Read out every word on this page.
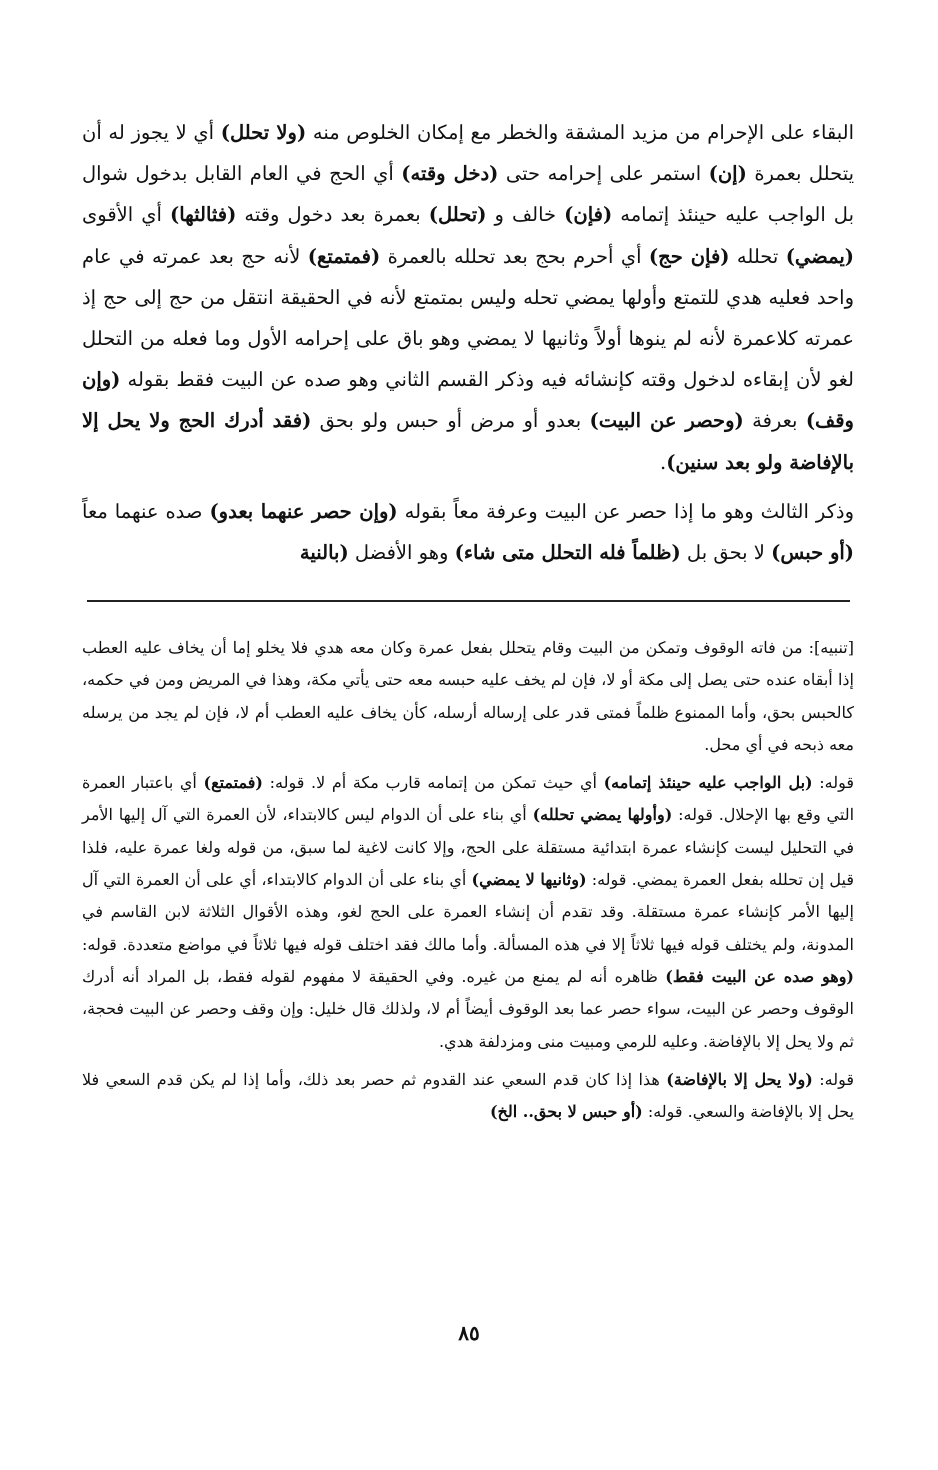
البقاء على الإحرام من مزيد المشقة والخطر مع إمكان الخلوص منه (ولا تحلل) أي لا يجوز له أن يتحلل بعمرة (إن) استمر على إحرامه حتى (دخل وقته) أي الحج في العام القابل بدخول شوال بل الواجب عليه حينئذ إتمامه (فإن) خالف و (تحلل) بعمرة بعد دخول وقته (فثالثها) أي الأقوى (يمضي) تحلله (فإن حج) أي أحرم بحج بعد تحلله بالعمرة (فمتمتع) لأنه حج بعد عمرته في عام واحد فعليه هدي للتمتع وأولها يمضي تحله وليس بمتمتع لأنه في الحقيقة انتقل من حج إلى حج إذ عمرته كلاعمرة لأنه لم ينوها أولاً وثانيها لا يمضي وهو باق على إحرامه الأول وما فعله من التحلل لغو لأن إبقاءه لدخول وقته كإنشائه فيه وذكر القسم الثاني وهو صده عن البيت فقط بقوله (وإن وقف) بعرفة (وحصر عن البيت) بعدو أو مرض أو حبس ولو بحق (فقد أدرك الحج ولا يحل إلا بالإفاضة ولو بعد سنين).

وذكر الثالث وهو ما إذا حصر عن البيت وعرفة معاً بقوله (وإن حصر عنهما بعدو) صده عنهما معاً (أو حبس) لا بحق بل (ظلماً فله التحلل متى شاء) وهو الأفضل (بالنية

[تنبيه]: من فاته الوقوف وتمكن من البيت وقام يتحلل بفعل عمرة وكان معه هدي فلا يخلو إما أن يخاف عليه العطب إذا أبقاه عنده حتى يصل إلى مكة أو لا، فإن لم يخف عليه حبسه معه حتى يأتي مكة، وهذا في المريض ومن في حكمه، كالحبس بحق، وأما الممنوع ظلماً فمتى قدر على إرساله أرسله، كأن يخاف عليه العطب أم لا، فإن لم يجد من يرسله معه ذبحه في أي محل.

قوله: (بل الواجب عليه حينئذ إتمامه) أي حيث تمكن من إتمامه قارب مكة أم لا. قوله: (فمتمتع) أي باعتبار العمرة التي وقع بها الإحلال. قوله: (وأولها يمضي تحلله) أي بناء على أن الدوام ليس كالابتداء، لأن العمرة التي آل إليها الأمر في التحليل ليست كإنشاء عمرة ابتدائية مستقلة على الحج، وإلا كانت لاغية لما سبق، من قوله ولغا عمرة عليه، فلذا قيل إن تحلله بفعل العمرة يمضي. قوله: (وثانيها لا يمضي) أي بناء على أن الدوام كالابتداء، أي على أن العمرة التي آل إليها الأمر كإنشاء عمرة مستقلة. وقد تقدم أن إنشاء العمرة على الحج لغو، وهذه الأقوال الثلاثة لابن القاسم في المدونة، ولم يختلف قوله فيها ثلاثاً إلا في هذه المسألة. وأما مالك فقد اختلف قوله فيها ثلاثاً في مواضع متعددة. قوله: (وهو صده عن البيت فقط) ظاهره أنه لم يمنع من غيره. وفي الحقيقة لا مفهوم لقوله فقط، بل المراد أنه أدرك الوقوف وحصر عن البيت، سواء حصر عما بعد الوقوف أيضاً أم لا، ولذلك قال خليل: وإن وقف وحصر عن البيت فحجة، ثم ولا يحل إلا بالإفاضة. وعليه للرمي ومبيت منى ومزدلفة هدي.

قوله: (ولا يحل إلا بالإفاضة) هذا إذا كان قدم السعي عند القدوم ثم حصر بعد ذلك، وأما إذا لم يكن قدم السعي فلا يحل إلا بالإفاضة والسعي. قوله: (أو حبس لا بحق.. الخ)

٨٥
